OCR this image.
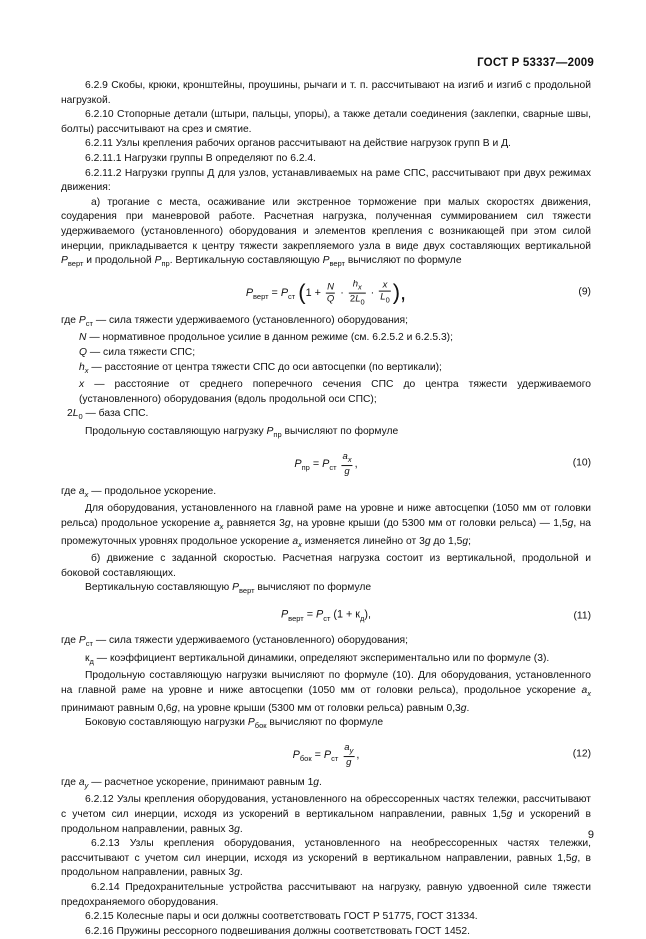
ГОСТ Р 53337—2009

6.2.9 Скобы, крюки, кронштейны, проушины, рычаги и т. п. рассчитывают на изгиб и изгиб с продольной нагрузкой.

6.2.10 Стопорные детали (штыри, пальцы, упоры), а также детали соединения (заклепки, сварные швы, болты) рассчитывают на срез и смятие.

6.2.11 Узлы крепления рабочих органов рассчитывают на действие нагрузок групп В и Д.

6.2.11.1 Нагрузки группы В определяют по 6.2.4.

6.2.11.2 Нагрузки группы Д для узлов, устанавливаемых на раме СПС, рассчитывают при двух режимах движения:

а) трогание с места, осаживание или экстренное торможение при малых скоростях движения, соударения при маневровой работе. Расчетная нагрузка, полученная суммированием сил тяжести удерживаемого (установленного) оборудования и элементов крепления с возникающей при этом силой инерции, прикладывается к центру тяжести закрепляемого узла в виде двух составляющих вертикальной $P_{верт}$ и продольной $P_{пр}$. Вертикальную составляющую $P_{верт}$ вычисляют по формуле

$P_{верт} = P_{ст}$ ($1 + \frac{N}{Q} \cdot \frac{h_x}{2L_0} \cdot \frac{x}{L_0}$ ),	(9)

где $P_{ст}$ — сила тяжести удерживаемого (установленного) оборудования;

N — нормативное продольное усилие в данном режиме (см. 6.2.5.2 и 6.2.5.3);

Q — сила тяжести СПС;

$h_x$ — расстояние от центра тяжести СПС до оси автосцепки (по вертикали);

x — расстояние от среднего поперечного сечения СПС до центра тяжести удерживаемого (установленного) оборудования (вдоль продольной оси СПС);

$2L_0$ — база СПС.

Продольную составляющую нагрузку $P_{пр}$ вычисляют по формуле

$P_{пр} = P_{ст} \frac{a_x}{g}$ ,	(10)

где $a_x$ — продольное ускорение.

Для оборудования, установленного на главной раме на уровне и ниже автосцепки (1050 мм от головки рельса) продольное ускорение $a_x$ равняется 3g, на уровне крыши (до 5300 мм от головки рельса) — 1,5g, на промежуточных уровнях продольное ускорение $a_x$ изменяется линейно от 3g до 1,5g;

б) движение с заданной скоростью. Расчетная нагрузка состоит из вертикальной, продольной и боковой составляющих.

Вертикальную составляющую $P_{верт}$ вычисляют по формуле

$P_{верт} = P_{ст}$ $(1 + к_д)$,	(11)

где $P_{ст}$ — сила тяжести удерживаемого (установленного) оборудования;

$к_д$ — коэффициент вертикальной динамики, определяют экспериментально или по формуле (3).

Продольную составляющую нагрузки вычисляют по формуле (10). Для оборудования, установленного на главной раме на уровне и ниже автосцепки (1050 мм от головки рельса), продольное ускорение $a_x$ принимают равным 0,6g, на уровне крыши (5300 мм от головки рельса) равным 0,3g.

Боковую составляющую нагрузки $P_{бок}$ вычисляют по формуле

$P_{бок} = P_{ст} \frac{a_y}{g}$ ,	(12)

где $a_y$ — расчетное ускорение, принимают равным 1g.

6.2.12 Узлы крепления оборудования, установленного на обрессоренных частях тележки, рассчитывают с учетом сил инерции, исходя из ускорений в вертикальном направлении, равных 1,5g и ускорений в продольном направлении, равных 3g.

6.2.13 Узлы крепления оборудования, установленного на необрессоренных частях тележки, рассчитывают с учетом сил инерции, исходя из ускорений в вертикальном направлении, равных 1,5g, в продольном направлении, равных 3g.

6.2.14 Предохранительные устройства рассчитывают на нагрузку, равную удвоенной силе тяжести предохраняемого оборудования.

6.2.15 Колесные пары и оси должны соответствовать ГОСТ Р 51775, ГОСТ 31334.

6.2.16 Пружины рессорного подвешивания должны соответствовать ГОСТ 1452.

9
